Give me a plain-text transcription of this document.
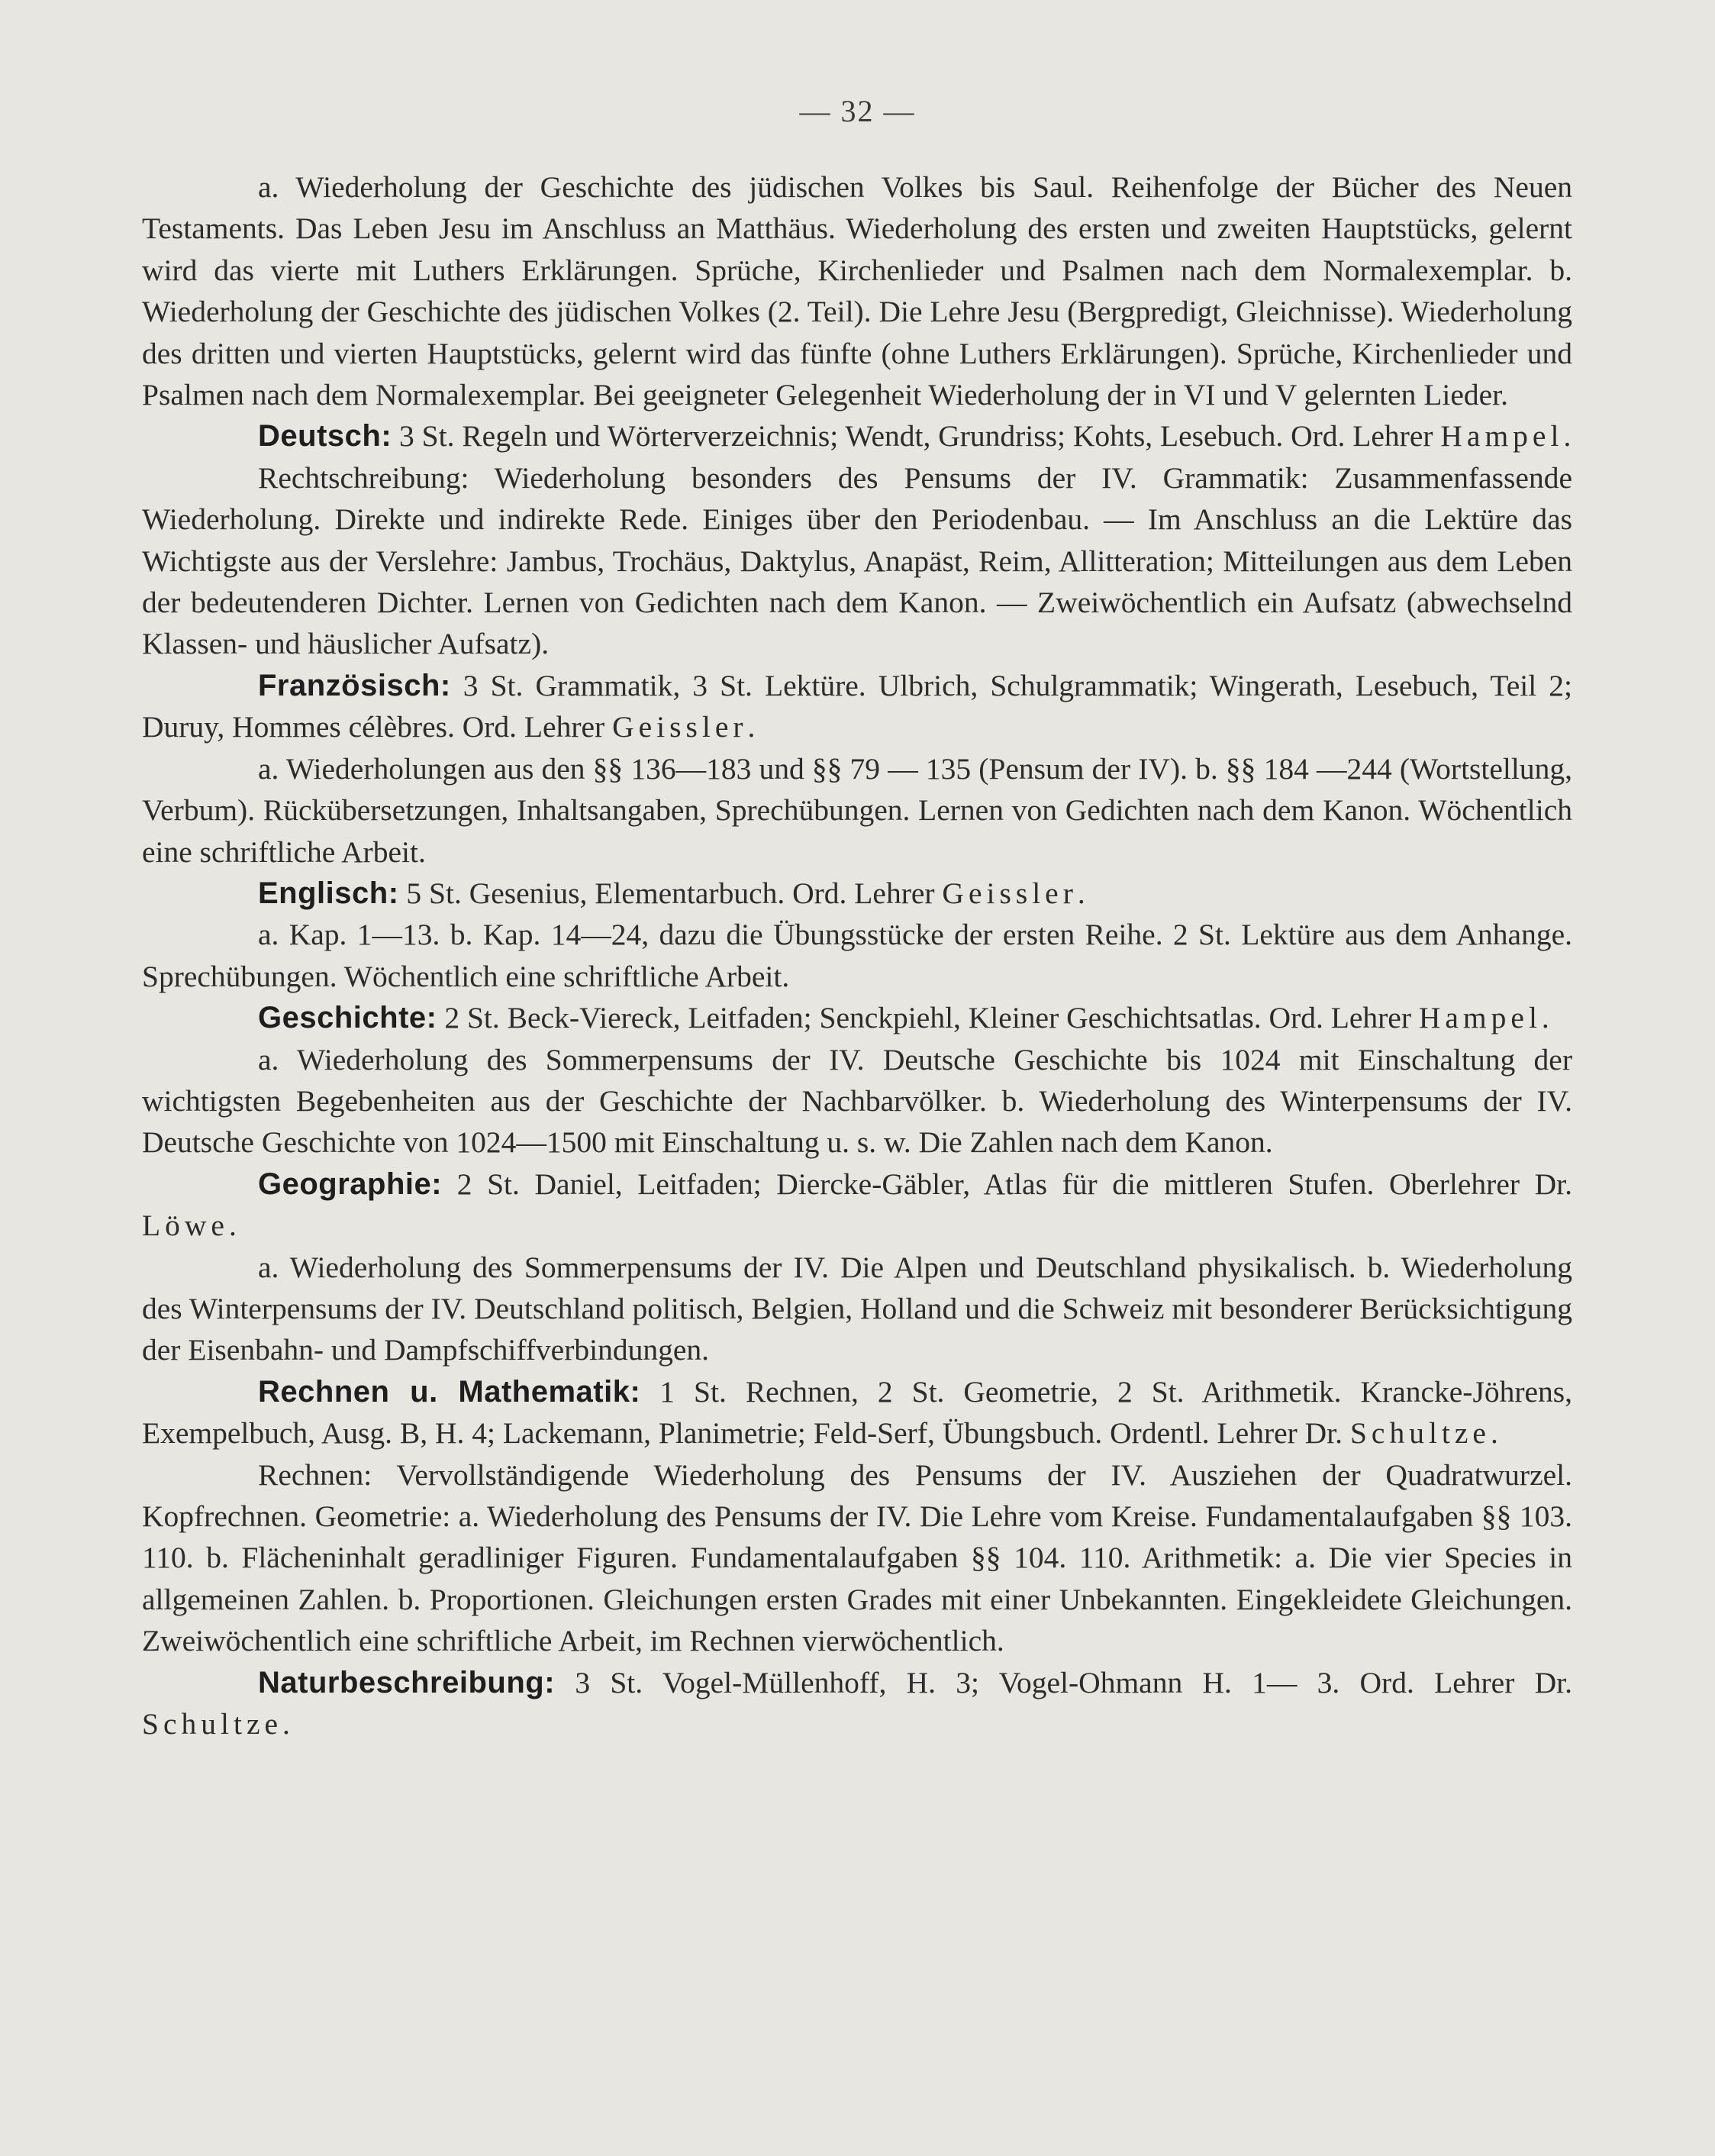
— 32 —

a. Wiederholung der Geschichte des jüdischen Volkes bis Saul. Reihenfolge der Bücher des Neuen Testaments. Das Leben Jesu im Anschluss an Matthäus. Wiederholung des ersten und zweiten Hauptstücks, gelernt wird das vierte mit Luthers Erklärungen. Sprüche, Kirchenlieder und Psalmen nach dem Normalexemplar. b. Wiederholung der Geschichte des jüdischen Volkes (2. Teil). Die Lehre Jesu (Bergpredigt, Gleichnisse). Wiederholung des dritten und vierten Hauptstücks, gelernt wird das fünfte (ohne Luthers Erklärungen). Sprüche, Kirchenlieder und Psalmen nach dem Normalexemplar. Bei geeigneter Gelegenheit Wiederholung der in VI und V gelernten Lieder.

Deutsch: 3 St. Regeln und Wörterverzeichnis; Wendt, Grundriss; Kohts, Lesebuch. Ord. Lehrer Hampel.

Rechtschreibung: Wiederholung besonders des Pensums der IV. Grammatik: Zusammenfassende Wiederholung. Direkte und indirekte Rede. Einiges über den Periodenbau. — Im Anschluss an die Lektüre das Wichtigste aus der Verslehre: Jambus, Trochäus, Daktylus, Anapäst, Reim, Allitteration; Mitteilungen aus dem Leben der bedeutenderen Dichter. Lernen von Gedichten nach dem Kanon. — Zweiwöchentlich ein Aufsatz (abwechselnd Klassen- und häuslicher Aufsatz).

Französisch: 3 St. Grammatik, 3 St. Lektüre. Ulbrich, Schulgrammatik; Wingerath, Lesebuch, Teil 2; Duruy, Hommes célèbres. Ord. Lehrer Geissler.

a. Wiederholungen aus den §§ 136—183 und §§ 79 — 135 (Pensum der IV). b. §§ 184 —244 (Wortstellung, Verbum). Rückübersetzungen, Inhaltsangaben, Sprechübungen. Lernen von Gedichten nach dem Kanon. Wöchentlich eine schriftliche Arbeit.

Englisch: 5 St. Gesenius, Elementarbuch. Ord. Lehrer Geissler.

a. Kap. 1—13. b. Kap. 14—24, dazu die Übungsstücke der ersten Reihe. 2 St. Lektüre aus dem Anhange. Sprechübungen. Wöchentlich eine schriftliche Arbeit.

Geschichte: 2 St. Beck-Viereck, Leitfaden; Senckpiehl, Kleiner Geschichtsatlas. Ord. Lehrer Hampel.

a. Wiederholung des Sommerpensums der IV. Deutsche Geschichte bis 1024 mit Einschaltung der wichtigsten Begebenheiten aus der Geschichte der Nachbarvölker. b. Wiederholung des Winterpensums der IV. Deutsche Geschichte von 1024—1500 mit Einschaltung u. s. w. Die Zahlen nach dem Kanon.

Geographie: 2 St. Daniel, Leitfaden; Diercke-Gäbler, Atlas für die mittleren Stufen. Oberlehrer Dr. Löwe.

a. Wiederholung des Sommerpensums der IV. Die Alpen und Deutschland physikalisch. b. Wiederholung des Winterpensums der IV. Deutschland politisch, Belgien, Holland und die Schweiz mit besonderer Berücksichtigung der Eisenbahn- und Dampfschiffverbindungen.

Rechnen u. Mathematik: 1 St. Rechnen, 2 St. Geometrie, 2 St. Arithmetik. Krancke-Jöhrens, Exempelbuch, Ausg. B, H. 4; Lackemann, Planimetrie; Feld-Serf, Übungsbuch. Ordentl. Lehrer Dr. Schultze.

Rechnen: Vervollständigende Wiederholung des Pensums der IV. Ausziehen der Quadratwurzel. Kopfrechnen. Geometrie: a. Wiederholung des Pensums der IV. Die Lehre vom Kreise. Fundamentalaufgaben §§ 103. 110. b. Flächeninhalt geradliniger Figuren. Fundamentalaufgaben §§ 104. 110. Arithmetik: a. Die vier Species in allgemeinen Zahlen. b. Proportionen. Gleichungen ersten Grades mit einer Unbekannten. Eingekleidete Gleichungen. Zweiwöchentlich eine schriftliche Arbeit, im Rechnen vierwöchentlich.

Naturbeschreibung: 3 St. Vogel-Müllenhoff, H. 3; Vogel-Ohmann H. 1— 3. Ord. Lehrer Dr. Schultze.
